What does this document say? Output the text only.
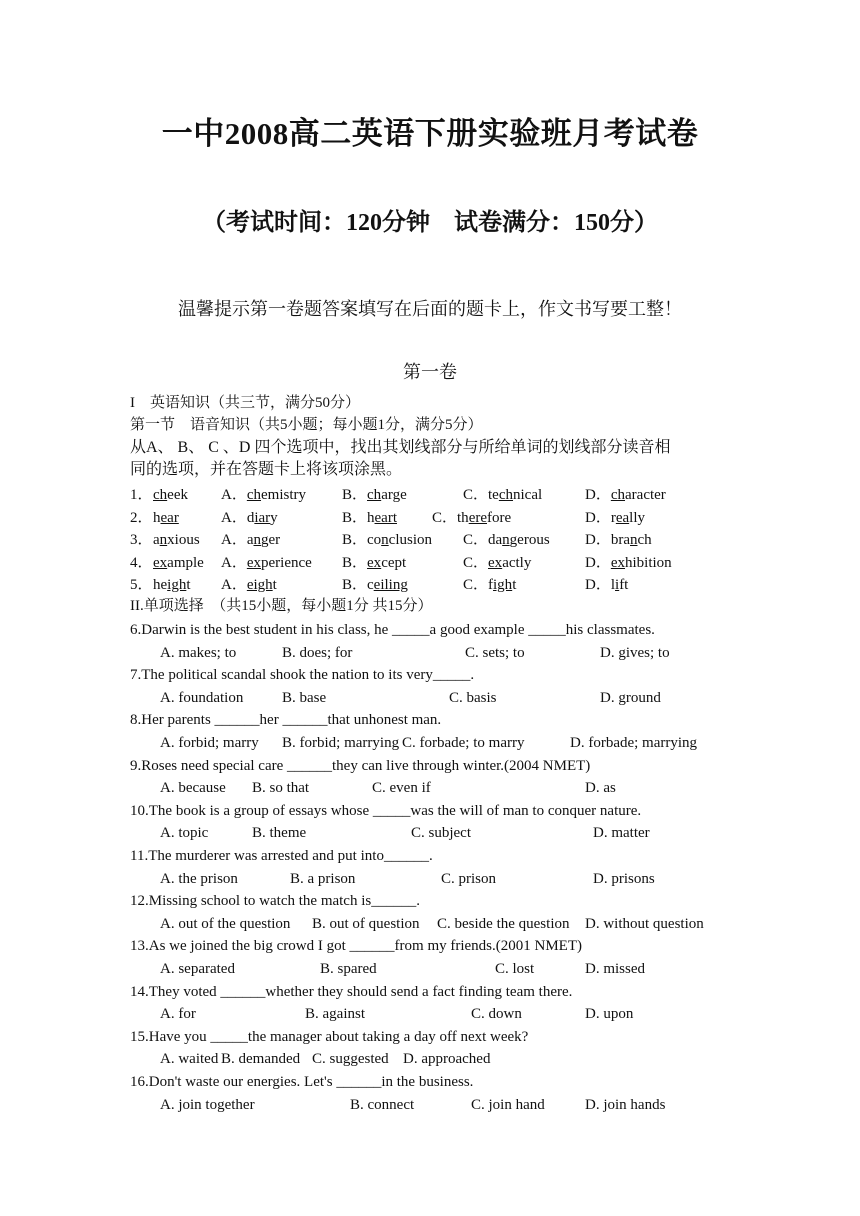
一中2008高二英语下册实验班月考试卷
（考试时间：120分钟　试卷满分：150分）
温馨提示第一卷题答案填写在后面的题卡上，作文书写要工整！
第一卷
I　英语知识（共三节，满分50分）
第一节　语音知识（共5小题；每小题1分，满分5分）
从A、 B、 C 、D 四个选项中，找出其划线部分与所给单词的划线部分读音相
同的选项，并在答题卡上将该项涂黑。
1． cheek A．chemistry B．charge	C．technical	D．character
2． hear	A．diary	B．heart C．therefore	D．really
3． anxious A．anger	B．conclusion C．dangerous D．branch
4． example A．experience B．except	C．exactly	D．exhibition
5． height A．eight	B．ceiling	C．fight	D．lift
II.单项选择　（共15小题，每小题1分 共15分）
6.Darwin is the best student in his class, he _____a good example _____his classmates.
A. makes; to	B. does; for	C. sets; to	D. gives; to
7.The political scandal shook the nation to its very_____.
A. foundation	B. base	C. basis	D. ground
8.Her parents ______her ______that unhonest man.
A. forbid; marry B. forbid; marrying C. forbade; to marry	D. forbade; marrying
9.Roses need special care ______they can live through winter.(2004 NMET)
A. because B. so that	C. even if	D. as
10.The book is a group of essays whose _____was the will of man to conquer nature.
A. topic	B. theme	C. subject	D. matter
11.The murderer was arrested and put into______.
A. the prison	B. a prison	C. prison	D. prisons
12.Missing school to watch the match is______.
A. out of the question B. out of question C. beside the question D. without question
13.As we joined the big crowd I got ______from my friends.(2001 NMET)
A. separated	B. spared	C. lost	D. missed
14.They voted ______whether they should send a fact finding team there.
A. for	B. against	C. down	D. upon
15.Have you _____the manager about taking a day off next week?
A. waited B. demanded C. suggested D. approached
16.Don't waste our energies. Let's ______in the business.
A. join together	B. connect	C. join hand	D. join hands
